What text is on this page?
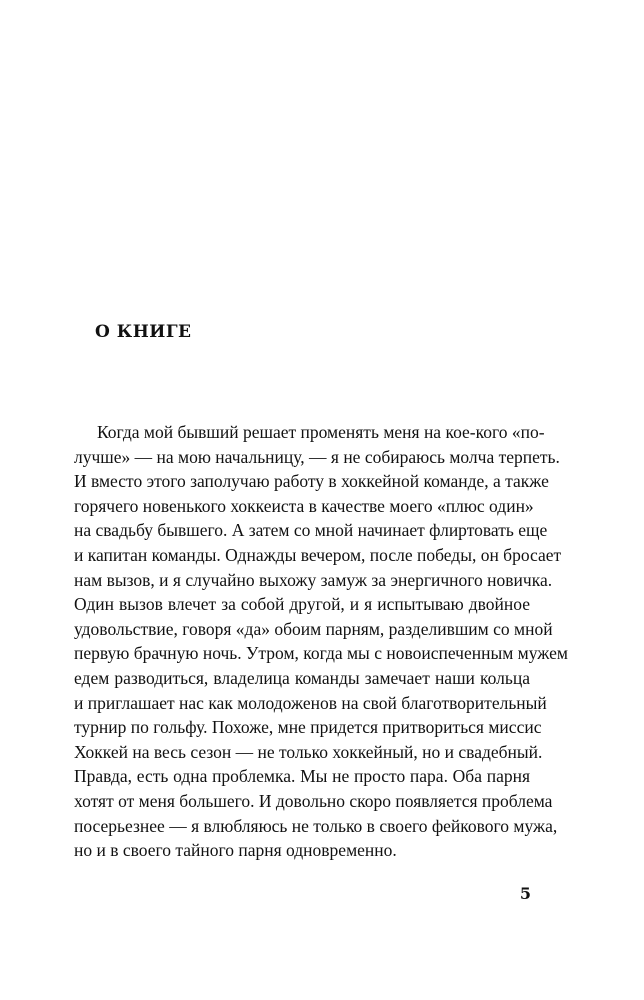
О КНИГЕ
Когда мой бывший решает променять меня на кое-кого «по-
лучше» — на мою начальницу, — я не собираюсь молча терпеть.
И вместо этого заполучаю работу в хоккейной команде, а также
горячего новенького хоккеиста в качестве моего «плюс один»
на свадьбу бывшего. А затем со мной начинает флиртовать еще
и капитан команды. Однажды вечером, после победы, он бросает
нам вызов, и я случайно выхожу замуж за энергичного новичка.
Один вызов влечет за собой другой, и я испытываю двойное
удовольствие, говоря «да» обоим парням, разделившим со мной
первую брачную ночь. Утром, когда мы с новоиспеченным мужем
едем разводиться, владелица команды замечает наши кольца
и приглашает нас как молодоженов на свой благотворительный
турнир по гольфу. Похоже, мне придется притвориться миссис
Хоккей на весь сезон — не только хоккейный, но и свадебный.
Правда, есть одна проблемка. Мы не просто пара. Оба парня
хотят от меня большего. И довольно скоро появляется проблема
посерьезнее — я влюбляюсь не только в своего фейкового мужа,
но и в своего тайного парня одновременно.
5
